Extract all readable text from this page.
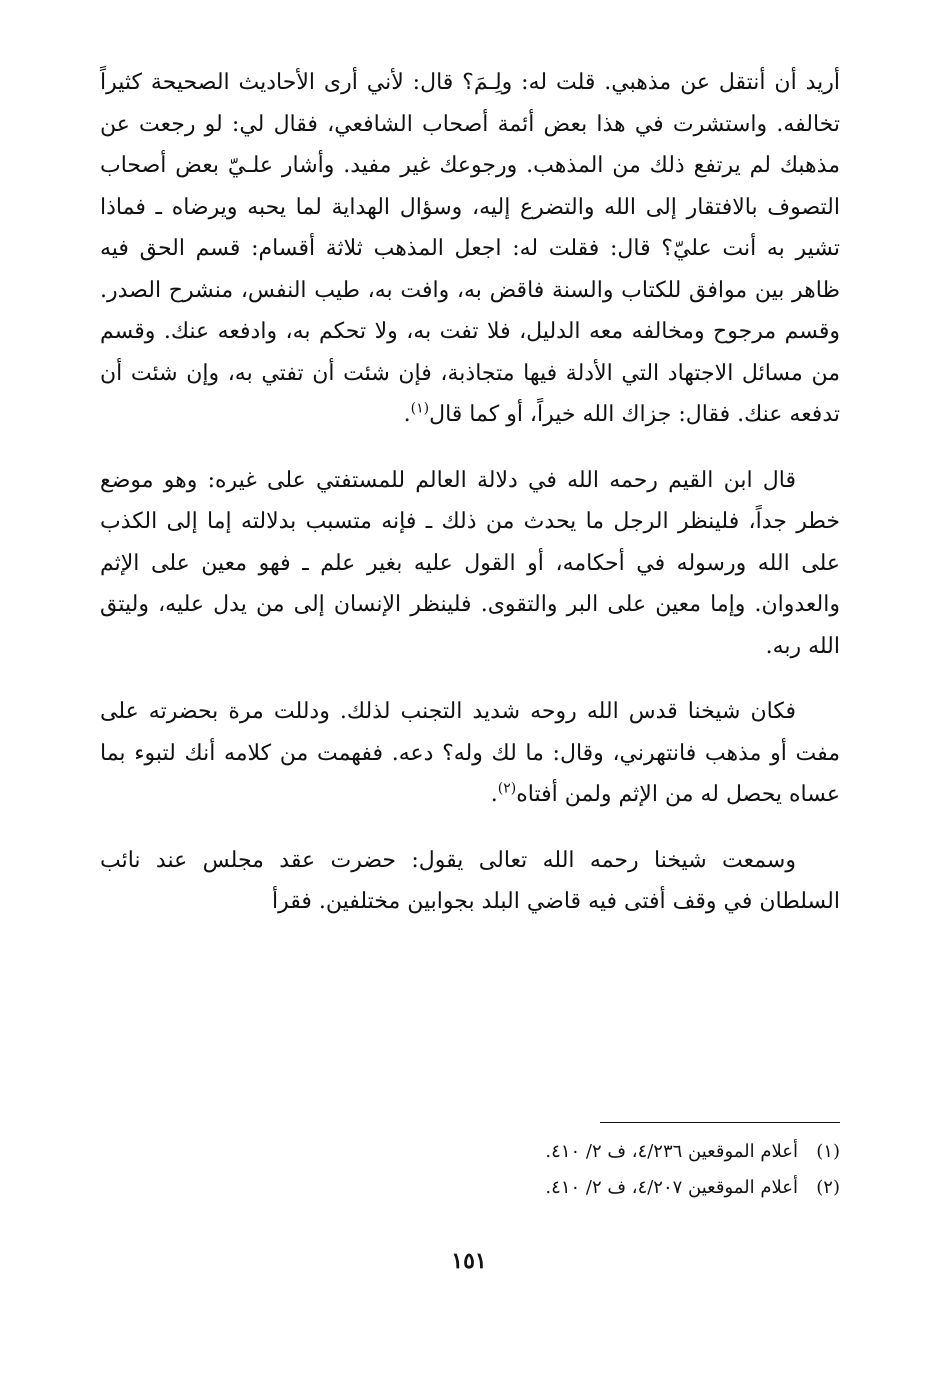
أريد أن أنتقل عن مذهبي. قلت له: ولِـمَ؟ قال: لأني أرى الأحاديث الصحيحة كثيراً تخالفه. واستشرت في هذا بعض أئمة أصحاب الشافعي، فقال لي: لو رجعت عن مذهبك لم يرتفع ذلك من المذهب. ورجوعك غير مفيد. وأشار علـيّ بعض أصحاب التصوف بالافتقار إلى الله والتضرع إليه، وسؤال الهداية لما يحبه ويرضاه ـ فماذا تشير به أنت عليّ؟ قال: فقلت له: اجعل المذهب ثلاثة أقسام: قسم الحق فيه ظاهر بين موافق للكتاب والسنة فاقض به، وافت به، طيب النفس، منشرح الصدر. وقسم مرجوح ومخالفه معه الدليل، فلا تفت به، ولا تحكم به، وادفعه عنك. وقسم من مسائل الاجتهاد التي الأدلة فيها متجاذبة، فإن شئت أن تفتي به، وإن شئت أن تدفعه عنك. فقال: جزاك الله خيراً، أو كما قال$^{(١)}$.

قال ابن القيم رحمه الله في دلالة العالم للمستفتي على غيره: وهو موضع خطر جداً، فلينظر الرجل ما يحدث من ذلك ـ فإنه متسبب بدلالته إما إلى الكذب على الله ورسوله في أحكامه، أو القول عليه بغير علم ـ فهو معين على الإثم والعدوان. وإما معين على البر والتقوى. فلينظر الإنسان إلى من يدل عليه، وليتق الله ربه.

فكان شيخنا قدس الله روحه شديد التجنب لذلك. ودللت مرة بحضرته على مفت أو مذهب فانتهرني، وقال: ما لك وله؟ دعه. ففهمت من كلامه أنك لتبوء بما عساه يحصل له من الإثم ولمن أفتاه$^{(٢)}$.

وسمعت شيخنا رحمه الله تعالى يقول: حضرت عقد مجلس عند نائب السلطان في وقف أفتى فيه قاضي البلد بجوابين مختلفين. فقرأ

(١)أعلام الموقعين ٤/٢٣٦، ف ٢/ ٤١٠.

(٢)أعلام الموقعين ٤/٢٠٧، ف ٢/ ٤١٠.

١٥١
